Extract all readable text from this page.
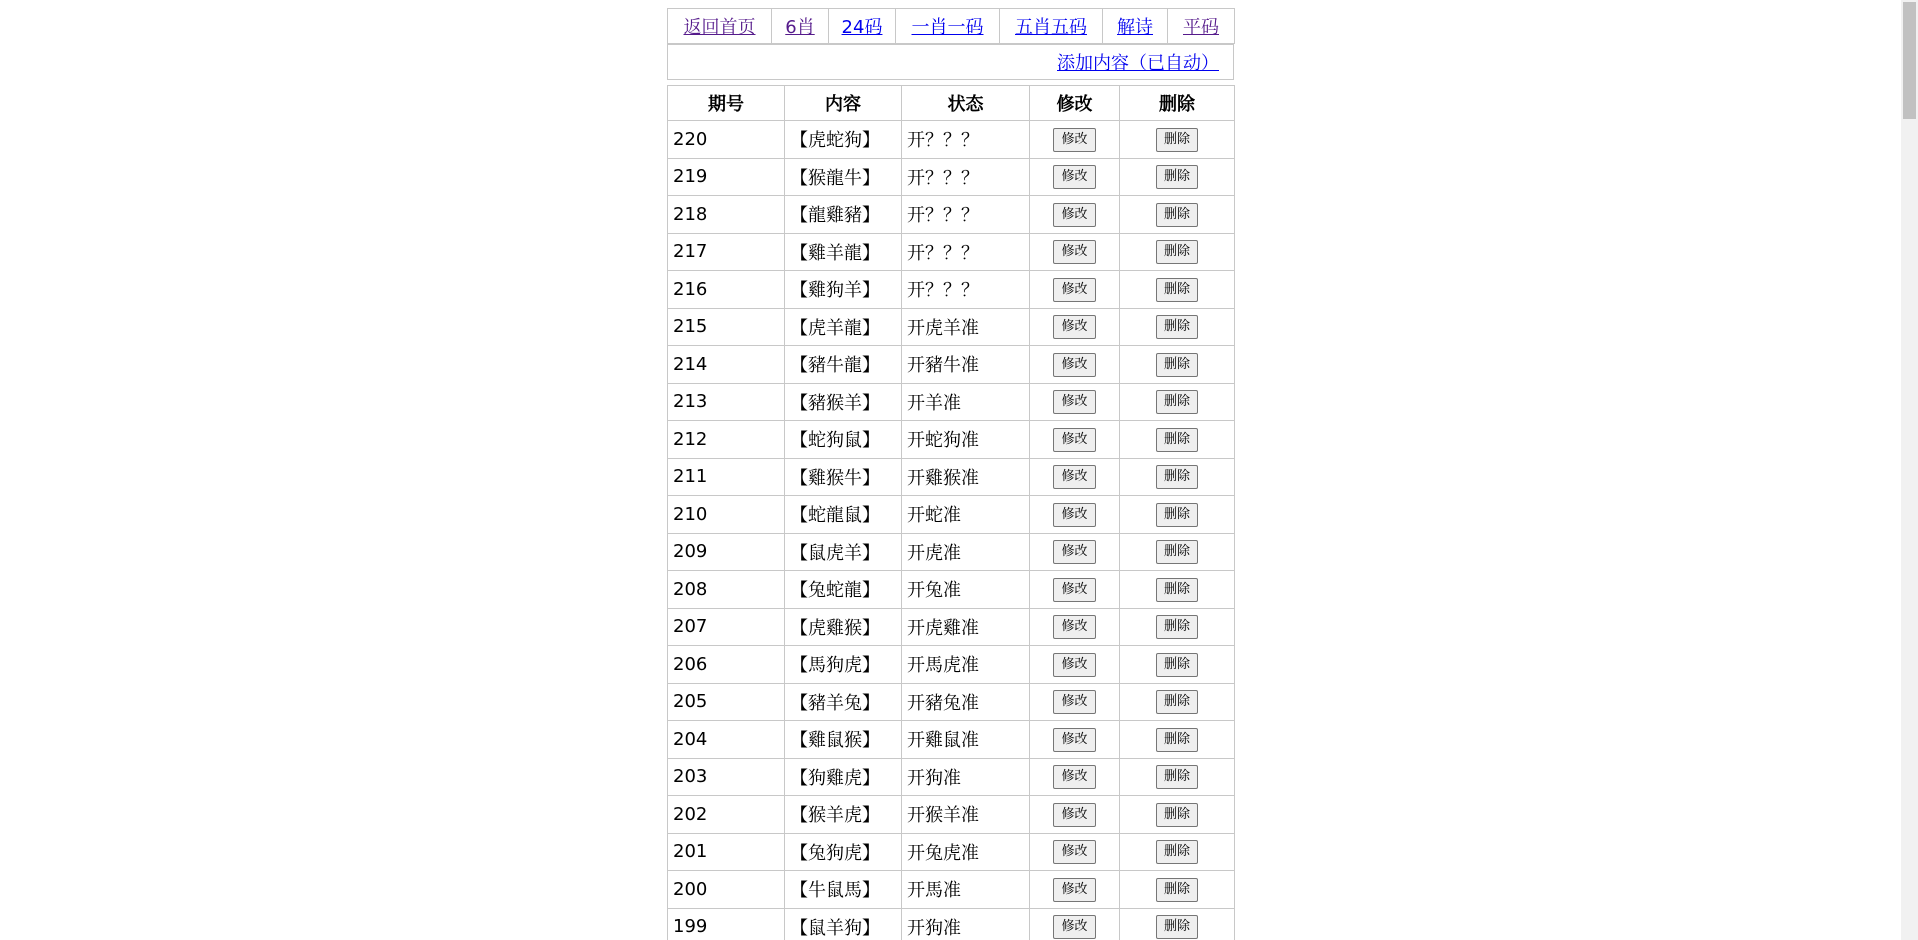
返回首页	6肖	24码	一肖一码	五肖五码	解诗	平码
添加内容（已自动）
期号	内容	状态	修改	删除
220	【虎蛇狗】	开？？？	修改	删除
219	【猴龍牛】	开？？？	修改	删除
218	【龍雞豬】	开？？？	修改	删除
217	【雞羊龍】	开？？？	修改	删除
216	【雞狗羊】	开？？？	修改	删除
215	【虎羊龍】	开虎羊准	修改	删除
214	【豬牛龍】	开豬牛准	修改	删除
213	【豬猴羊】	开羊准	修改	删除
212	【蛇狗鼠】	开蛇狗准	修改	删除
211	【雞猴牛】	开雞猴准	修改	删除
210	【蛇龍鼠】	开蛇准	修改	删除
209	【鼠虎羊】	开虎准	修改	删除
208	【兔蛇龍】	开兔准	修改	删除
207	【虎雞猴】	开虎雞准	修改	删除
206	【馬狗虎】	开馬虎准	修改	删除
205	【豬羊兔】	开豬兔准	修改	删除
204	【雞鼠猴】	开雞鼠准	修改	删除
203	【狗雞虎】	开狗准	修改	删除
202	【猴羊虎】	开猴羊准	修改	删除
201	【兔狗虎】	开兔虎准	修改	删除
200	【牛鼠馬】	开馬准	修改	删除
199	【鼠羊狗】	开狗准	修改	删除
